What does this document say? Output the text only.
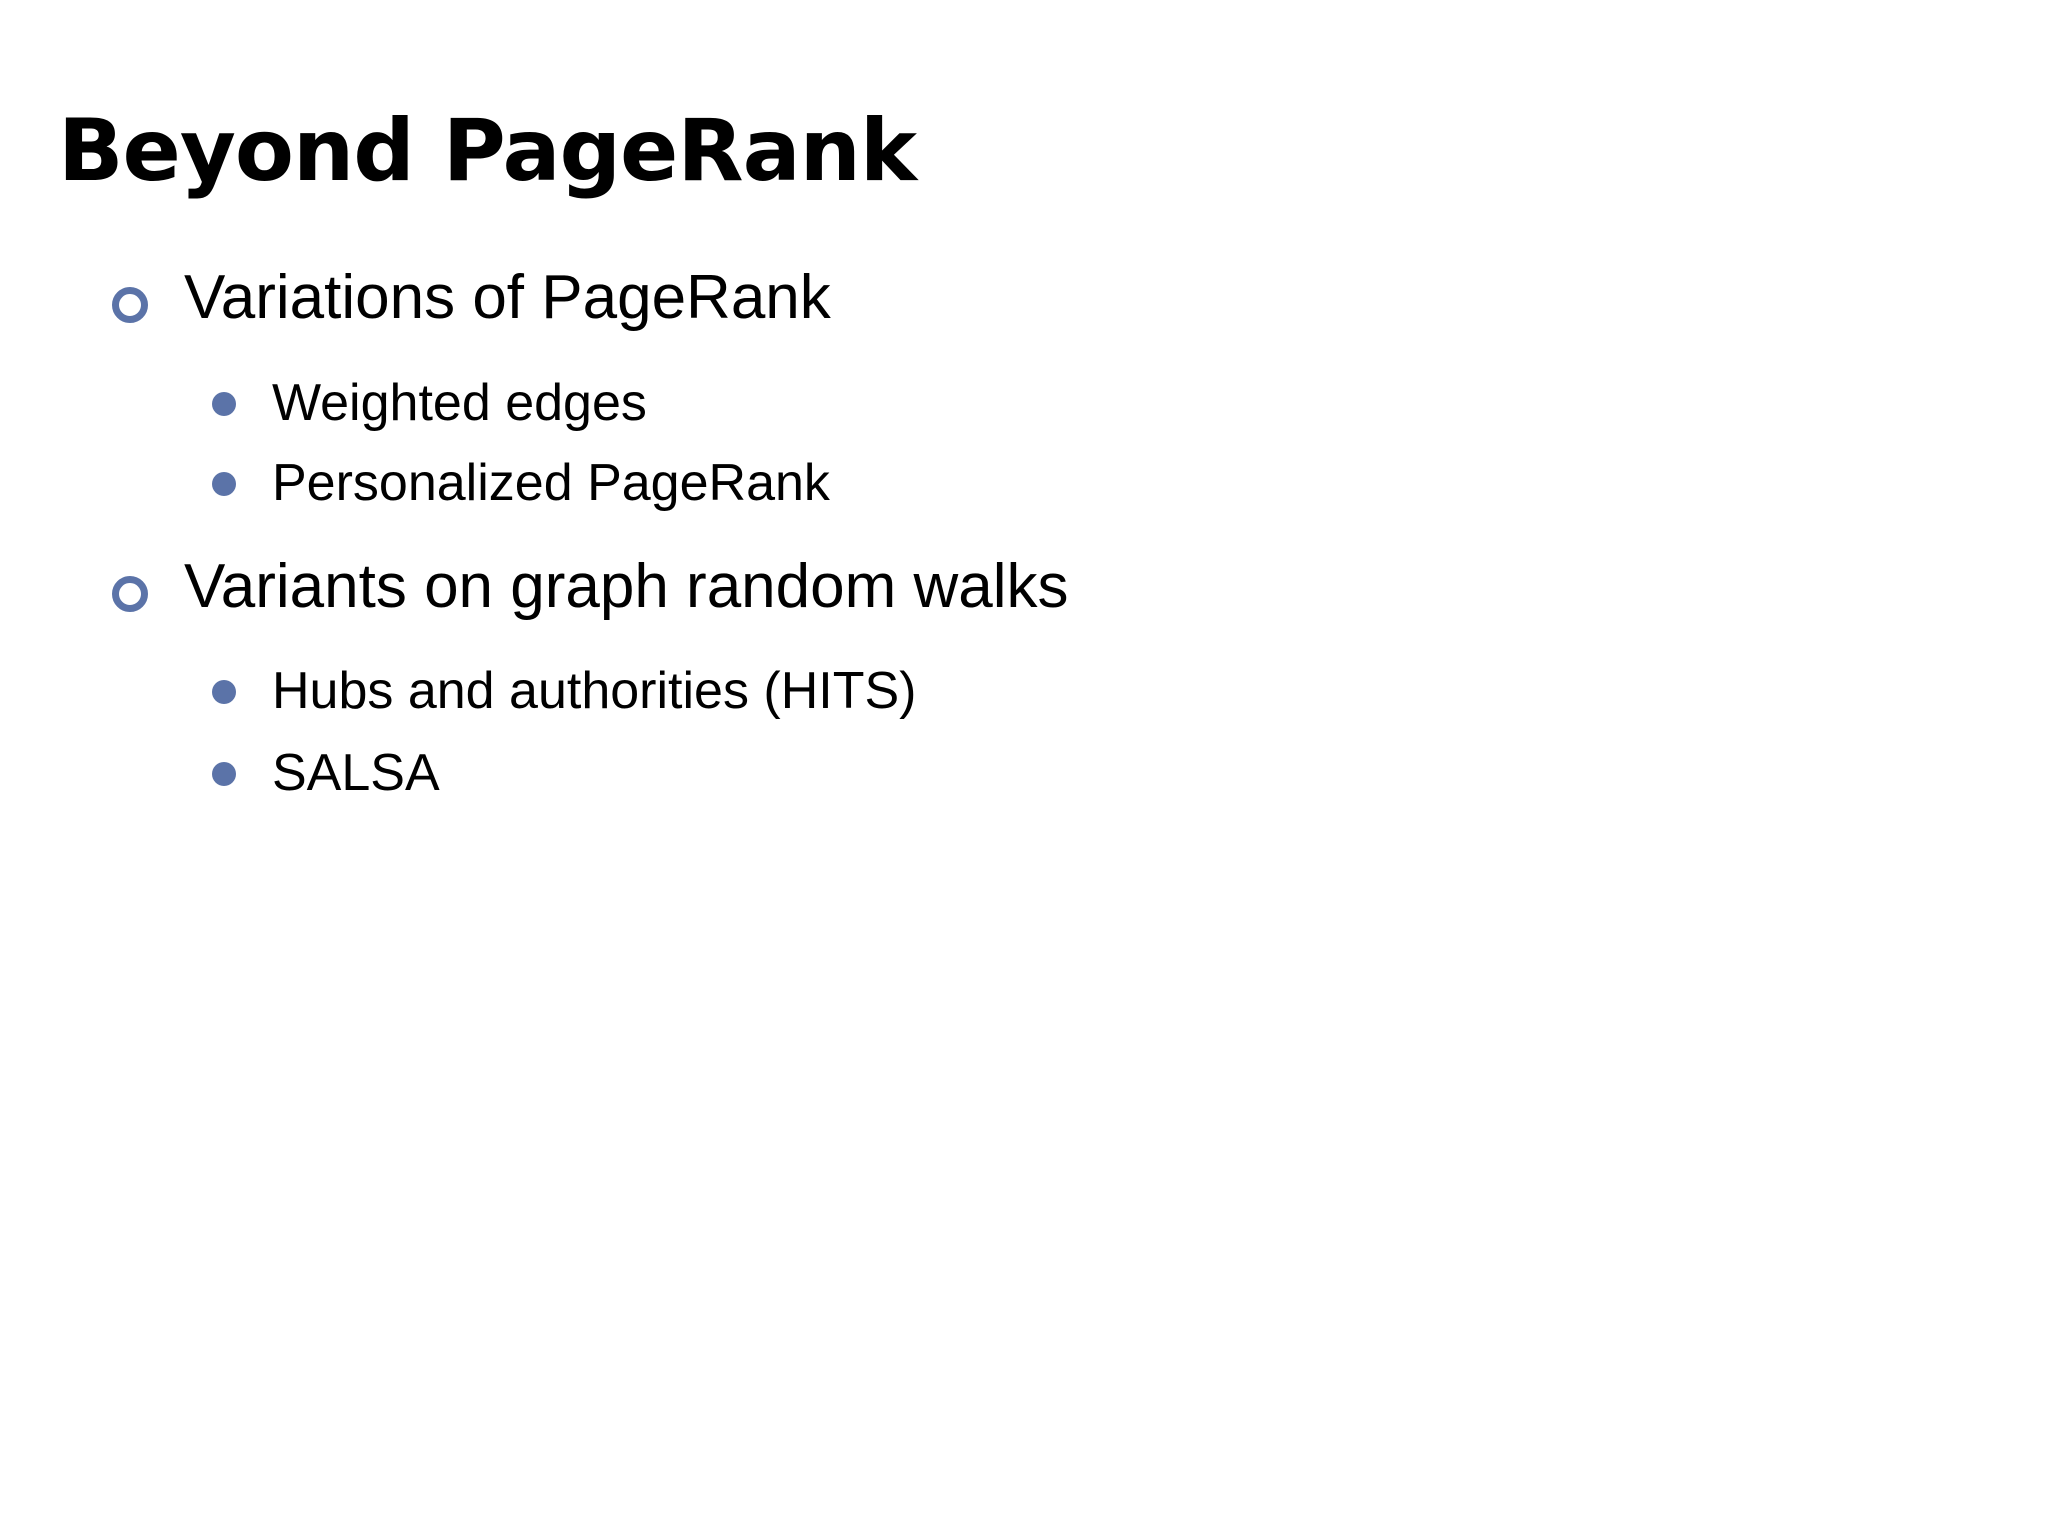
Beyond PageRank
Variations of PageRank
Weighted edges
Personalized PageRank
Variants on graph random walks
Hubs and authorities (HITS)
SALSA
